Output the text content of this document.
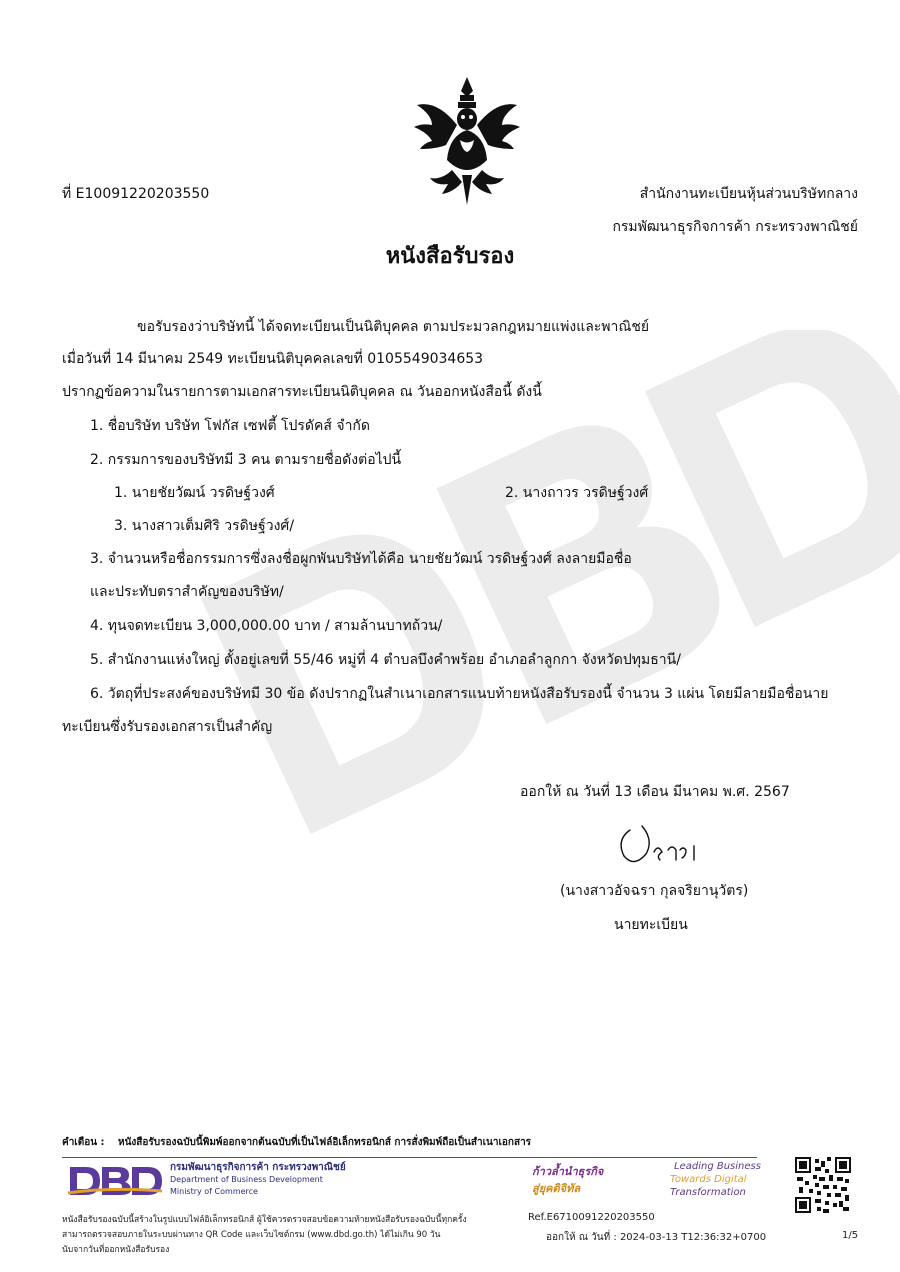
ที่ E10091220203550	สำนักงานทะเบียนหุ้นส่วนบริษัทกลาง
กรมพัฒนาธุรกิจการค้า กระทรวงพาณิชย์
หนังสือรับรอง
ขอรับรองว่าบริษัทนี้ ได้จดทะเบียนเป็นนิติบุคคล ตามประมวลกฎหมายแพ่งและพาณิชย์
เมื่อวันที่ 14 มีนาคม 2549 ทะเบียนนิติบุคคลเลขที่ 0105549034653
ปรากฏข้อความในรายการตามเอกสารทะเบียนนิติบุคคล ณ วันออกหนังสือนี้ ดังนี้
1. ชื่อบริษัท บริษัท โฟกัส เซฟตี้ โปรดัคส์ จำกัด
2. กรรมการของบริษัทมี 3 คน ตามรายชื่อดังต่อไปนี้
1. นายชัยวัฒน์ วรดิษฐ์วงศ์	2. นางถาวร วรดิษฐ์วงศ์
3. นางสาวเต็มศิริ วรดิษฐ์วงศ์/
3. จำนวนหรือชื่อกรรมการซึ่งลงชื่อผูกพันบริษัทได้คือ นายชัยวัฒน์ วรดิษฐ์วงศ์ ลงลายมือชื่อ
และประทับตราสำคัญของบริษัท/
4. ทุนจดทะเบียน 3,000,000.00 บาท / สามล้านบาทถ้วน/
5. สำนักงานแห่งใหญ่ ตั้งอยู่เลขที่ 55/46 หมู่ที่ 4 ตำบลบึงคำพร้อย อำเภอลำลูกกา จังหวัดปทุมธานี/
6. วัตถุที่ประสงค์ของบริษัทมี 30 ข้อ ดังปรากฏในสำเนาเอกสารแนบท้ายหนังสือรับรองนี้ จำนวน 3 แผ่น โดยมีลายมือชื่อนาย
ทะเบียนซึ่งรับรองเอกสารเป็นสำคัญ
ออกให้ ณ วันที่ 13 เดือน มีนาคม พ.ศ. 2567
(นางสาวอัจฉรา กุลจริยานุวัตร)
นายทะเบียน
คำเตือน : หนังสือรับรองฉบับนี้พิมพ์ออกจากต้นฉบับที่เป็นไฟล์อิเล็กทรอนิกส์ การสั่งพิมพ์ถือเป็นสำเนาเอกสาร
กรมพัฒนาธุรกิจการค้า กระทรวงพาณิชย์
Department of Business Development
Ministry of Commerce
ก้าวล้ำนำธุรกิจ
สู่ยุคดิจิทัล
Leading Business
Towards Digital
Transformation
หนังสือรับรองฉบับนี้สร้างในรูปแบบไฟล์อิเล็กทรอนิกส์ ผู้ใช้ควรตรวจสอบข้อความท้ายหนังสือรับรองฉบับนี้ทุกครั้ง
สามารถตรวจสอบภายในระบบผ่านทาง QR Code และเว็บไซต์กรม (www.dbd.go.th) ได้ไม่เกิน 90 วัน
นับจากวันที่ออกหนังสือรับรอง
Ref.E6710091220203550
ออกให้ ณ วันที่ : 2024-03-13 T12:36:32+0700	1/5
